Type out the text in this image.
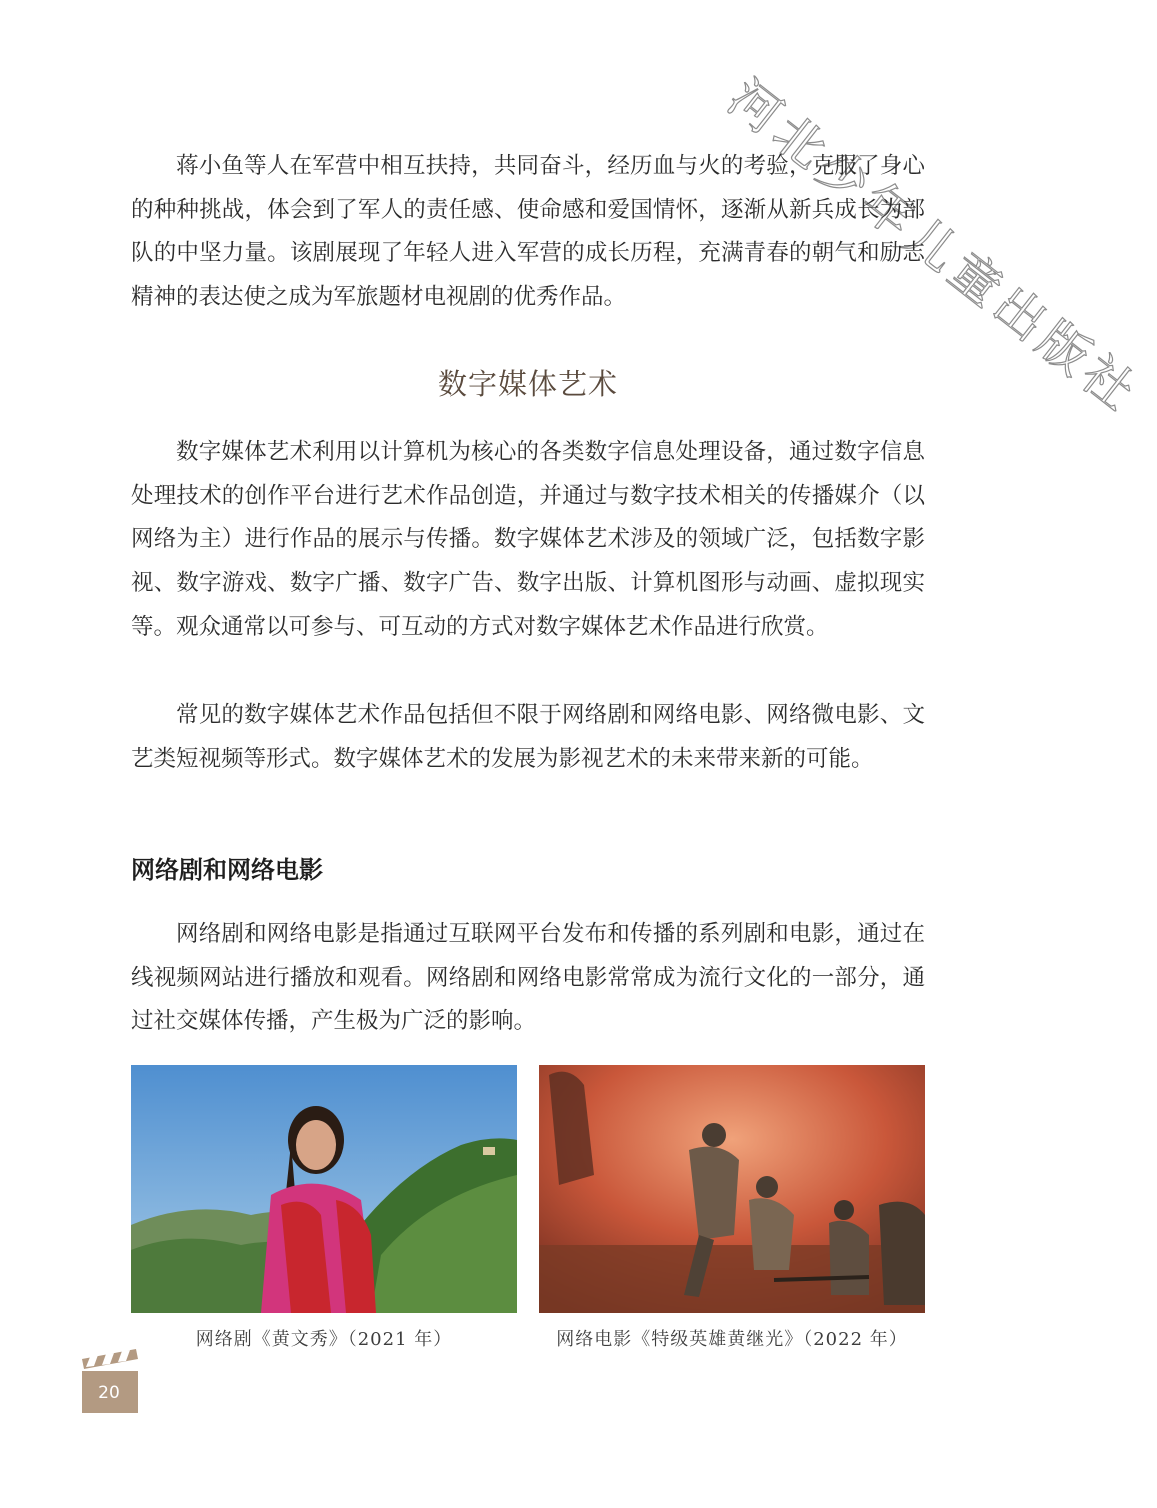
河北少年儿童出版社

蒋小鱼等人在军营中相互扶持，共同奋斗，经历血与火的考验，克服了身心的种种挑战，体会到了军人的责任感、使命感和爱国情怀，逐渐从新兵成长为部队的中坚力量。该剧展现了年轻人进入军营的成长历程，充满青春的朝气和励志精神的表达使之成为军旅题材电视剧的优秀作品。

数字媒体艺术

数字媒体艺术利用以计算机为核心的各类数字信息处理设备，通过数字信息处理技术的创作平台进行艺术作品创造，并通过与数字技术相关的传播媒介（以网络为主）进行作品的展示与传播。数字媒体艺术涉及的领域广泛，包括数字影视、数字游戏、数字广播、数字广告、数字出版、计算机图形与动画、虚拟现实等。观众通常以可参与、可互动的方式对数字媒体艺术作品进行欣赏。

常见的数字媒体艺术作品包括但不限于网络剧和网络电影、网络微电影、文艺类短视频等形式。数字媒体艺术的发展为影视艺术的未来带来新的可能。

网络剧和网络电影

网络剧和网络电影是指通过互联网平台发布和传播的系列剧和电影，通过在线视频网站进行播放和观看。网络剧和网络电影常常成为流行文化的一部分，通过社交媒体传播，产生极为广泛的影响。

网络剧《黄文秀》（2021 年）	网络电影《特级英雄黄继光》（2022 年）
20
